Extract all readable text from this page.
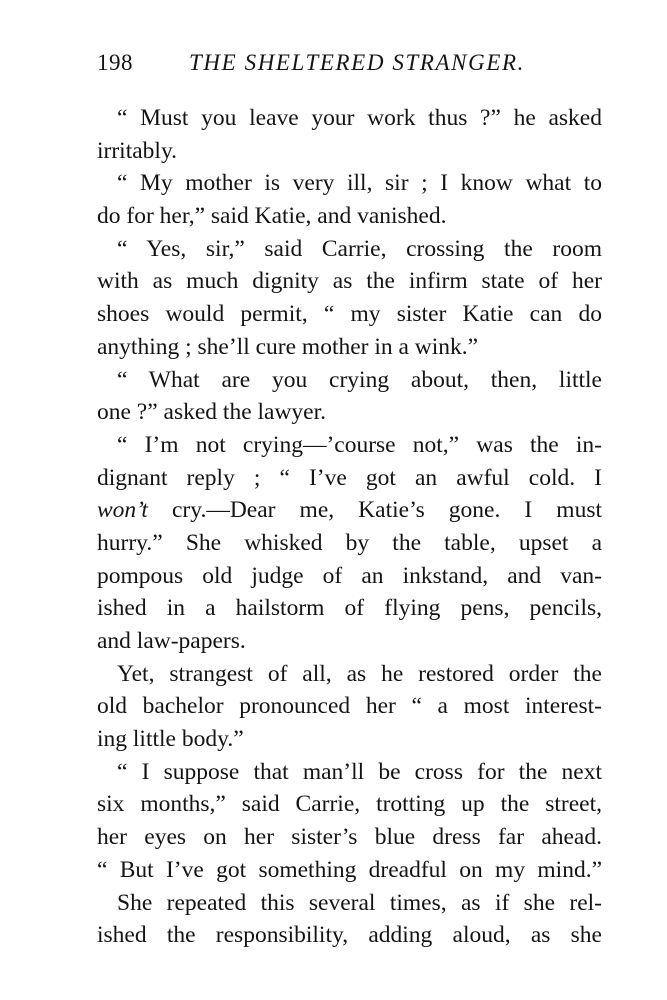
198 THE SHELTERED STRANGER.
“ Must you leave your work thus ?” he asked
irritably.
“ My mother is very ill, sir ; I know what to
do for her,” said Katie, and vanished.
“ Yes, sir,” said Carrie, crossing the room
with as much dignity as the infirm state of her
shoes would permit, “ my sister Katie can do
anything ; she’ll cure mother in a wink.”
“ What are you crying about, then, little
one ?” asked the lawyer.
“ I’m not crying—’course not,” was the in-
dignant reply ; “ I’ve got an awful cold. I
won’t cry.—Dear me, Katie’s gone. I must
hurry.” She whisked by the table, upset a
pompous old judge of an inkstand, and van-
ished in a hailstorm of flying pens, pencils,
and law-papers.
Yet, strangest of all, as he restored order the
old bachelor pronounced her “ a most interest-
ing little body.”
“ I suppose that man’ll be cross for the next
six months,” said Carrie, trotting up the street,
her eyes on her sister’s blue dress far ahead.
“ But I’ve got something dreadful on my mind.”
She repeated this several times, as if she rel-
ished the responsibility, adding aloud, as she
